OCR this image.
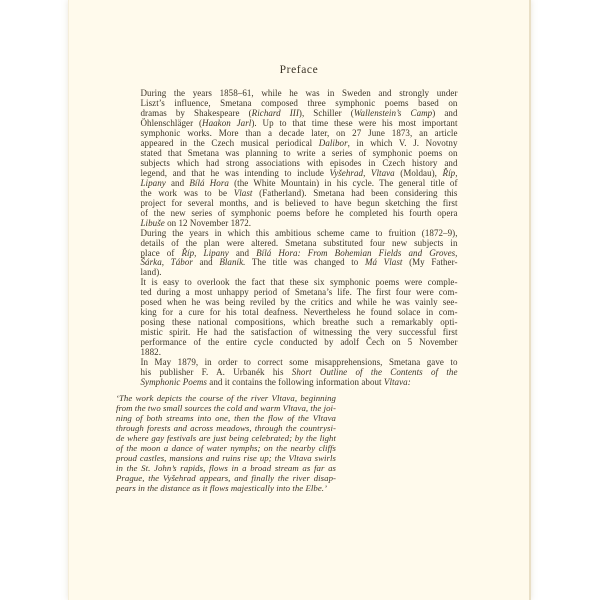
Preface
During the years 1858–61, while he was in Sweden and strongly under
Liszt’s influence, Smetana composed three symphonic poems based on
dramas by Shakespeare (Richard III), Schiller (Wallenstein’s Camp) and
Öhlenschläger (Haakon Jarl). Up to that time these were his most important
symphonic works. More than a decade later, on 27 June 1873, an article
appeared in the Czech musical periodical Dalibor, in which V. J. Novotny
stated that Smetana was planning to write a series of symphonic poems on
subjects which had strong associations with episodes in Czech history and
legend, and that he was intending to include Vyšehrad, Vltava (Moldau), Říp,
Lipany and Bílá Hora (the White Mountain) in his cycle. The general title of
the work was to be Vlast (Fatherland). Smetana had been considering this
project for several months, and is believed to have begun sketching the first
of the new series of symphonic poems before he completed his fourth opera
Libuše on 12 November 1872.
During the years in which this ambitious scheme came to fruition (1872–9),
details of the plan were altered. Smetana substituted four new subjects in
place of Říp, Lipany and Bílá Hora: From Bohemian Fields and Groves,
Šárka, Tábor and Blaník. The title was changed to Má Vlast (My Father-
land).
It is easy to overlook the fact that these six symphonic poems were comple-
ted during a most unhappy period of Smetana’s life. The first four were com-
posed when he was being reviled by the critics and while he was vainly see-
king for a cure for his total deafness. Nevertheless he found solace in com-
posing these national compositions, which breathe such a remarkably opti-
mistic spirit. He had the satisfaction of witnessing the very successful first
performance of the entire cycle conducted by adolf Čech on 5 November
1882.
In May 1879, in order to correct some misapprehensions, Smetana gave to
his publisher F. A. Urbanék his Short Outline of the Contents of the
Symphonic Poems and it contains the following information about Vltava:
‘The work depicts the course of the river Vltava, beginning
from the two small sources the cold and warm Vltava, the joi-
ning of both streams into one, then the flow of the Vltava
through forests and across meadows, through the countrysi-
de where gay festivals are just being celebrated; by the light
of the moon a dance of water nymphs; on the nearby cliffs
proud castles, mansions and ruins rise up; the Vltava swirls
in the St. John’s rapids, flows in a broad stream as far as
Prague, the Vyšehrad appears, and finally the river disap-
pears in the distance as it flows majestically into the Elbe.’
